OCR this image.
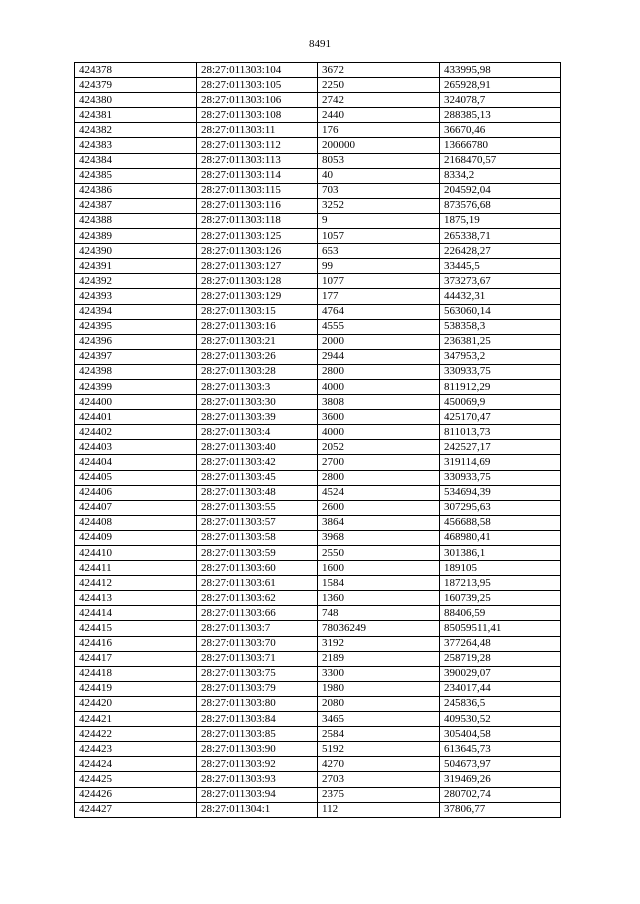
8491
424378	28:27:011303:104	3672	433995,98
424379	28:27:011303:105	2250	265928,91
424380	28:27:011303:106	2742	324078,7
424381	28:27:011303:108	2440	288385,13
424382	28:27:011303:11	176	36670,46
424383	28:27:011303:112	200000	13666780
424384	28:27:011303:113	8053	2168470,57
424385	28:27:011303:114	40	8334,2
424386	28:27:011303:115	703	204592,04
424387	28:27:011303:116	3252	873576,68
424388	28:27:011303:118	9	1875,19
424389	28:27:011303:125	1057	265338,71
424390	28:27:011303:126	653	226428,27
424391	28:27:011303:127	99	33445,5
424392	28:27:011303:128	1077	373273,67
424393	28:27:011303:129	177	44432,31
424394	28:27:011303:15	4764	563060,14
424395	28:27:011303:16	4555	538358,3
424396	28:27:011303:21	2000	236381,25
424397	28:27:011303:26	2944	347953,2
424398	28:27:011303:28	2800	330933,75
424399	28:27:011303:3	4000	811912,29
424400	28:27:011303:30	3808	450069,9
424401	28:27:011303:39	3600	425170,47
424402	28:27:011303:4	4000	811013,73
424403	28:27:011303:40	2052	242527,17
424404	28:27:011303:42	2700	319114,69
424405	28:27:011303:45	2800	330933,75
424406	28:27:011303:48	4524	534694,39
424407	28:27:011303:55	2600	307295,63
424408	28:27:011303:57	3864	456688,58
424409	28:27:011303:58	3968	468980,41
424410	28:27:011303:59	2550	301386,1
424411	28:27:011303:60	1600	189105
424412	28:27:011303:61	1584	187213,95
424413	28:27:011303:62	1360	160739,25
424414	28:27:011303:66	748	88406,59
424415	28:27:011303:7	78036249	85059511,41
424416	28:27:011303:70	3192	377264,48
424417	28:27:011303:71	2189	258719,28
424418	28:27:011303:75	3300	390029,07
424419	28:27:011303:79	1980	234017,44
424420	28:27:011303:80	2080	245836,5
424421	28:27:011303:84	3465	409530,52
424422	28:27:011303:85	2584	305404,58
424423	28:27:011303:90	5192	613645,73
424424	28:27:011303:92	4270	504673,97
424425	28:27:011303:93	2703	319469,26
424426	28:27:011303:94	2375	280702,74
424427	28:27:011304:1	112	37806,77
